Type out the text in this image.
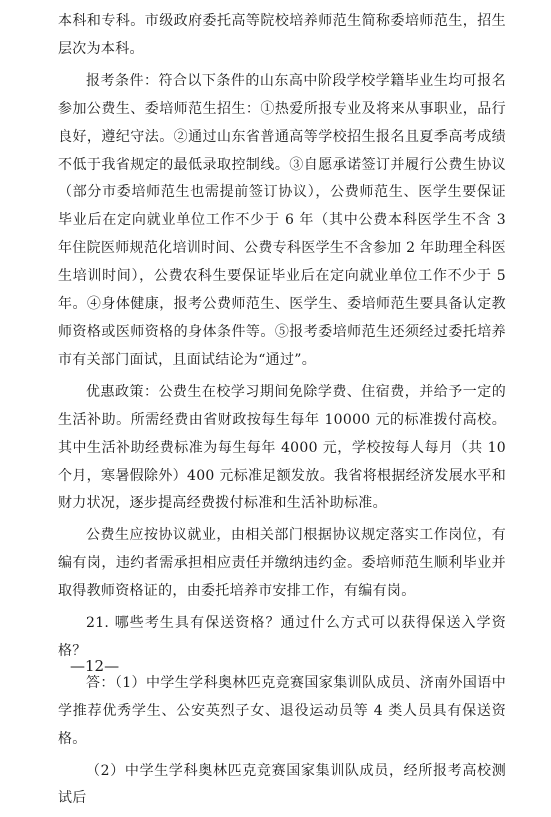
本科和专科。市级政府委托高等院校培养师范生简称委培师范生，招生层次为本科。

报考条件：符合以下条件的山东高中阶段学校学籍毕业生均可报名参加公费生、委培师范生招生：①热爱所报专业及将来从事职业，品行良好，遵纪守法。②通过山东省普通高等学校招生报名且夏季高考成绩不低于我省规定的最低录取控制线。③自愿承诺签订并履行公费生协议（部分市委培师范生也需提前签订协议），公费师范生、医学生要保证毕业后在定向就业单位工作不少于 6 年（其中公费本科医学生不含 3 年住院医师规范化培训时间、公费专科医学生不含参加 2 年助理全科医生培训时间），公费农科生要保证毕业后在定向就业单位工作不少于 5 年。④身体健康，报考公费师范生、医学生、委培师范生要具备认定教师资格或医师资格的身体条件等。⑤报考委培师范生还须经过委托培养市有关部门面试，且面试结论为“通过”。

优惠政策：公费生在校学习期间免除学费、住宿费，并给予一定的生活补助。所需经费由省财政按每生每年 10000 元的标准拨付高校。其中生活补助经费标准为每生每年 4000 元，学校按每人每月（共 10 个月，寒暑假除外）400 元标准足额发放。我省将根据经济发展水平和财力状况，逐步提高经费拨付标准和生活补助标准。

公费生应按协议就业，由相关部门根据协议规定落实工作岗位，有编有岗，违约者需承担相应责任并缴纳违约金。委培师范生顺利毕业并取得教师资格证的，由委托培养市安排工作，有编有岗。

21. 哪些考生具有保送资格？通过什么方式可以获得保送入学资格？

答：（1）中学生学科奥林匹克竞赛国家集训队成员、济南外国语中学推荐优秀学生、公安英烈子女、退役运动员等 4 类人员具有保送资格。

（2）中学生学科奥林匹克竞赛国家集训队成员，经所报考高校测试后

—12—
